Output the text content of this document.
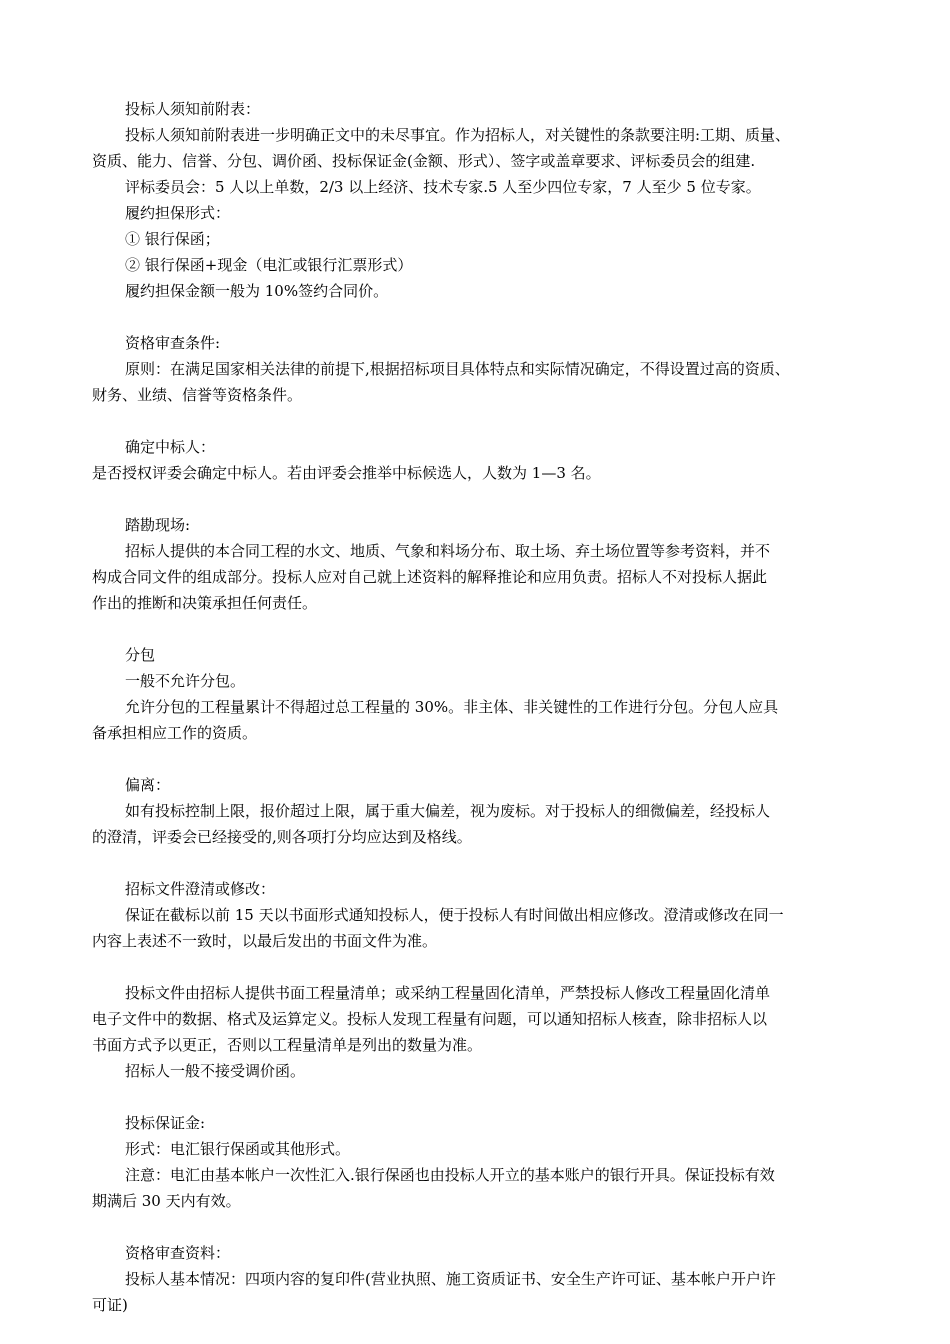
投标人须知前附表：
投标人须知前附表进一步明确正文中的未尽事宜。作为招标人，对关键性的条款要注明:工期、质量、
资质、能力、信誉、分包、调价函、投标保证金(金额、形式）、签字或盖章要求、评标委员会的组建.
评标委员会：5 人以上单数，2/3 以上经济、技术专家.5 人至少四位专家，7 人至少 5 位专家。
履约担保形式：
① 银行保函；
② 银行保函+现金（电汇或银行汇票形式）
履约担保金额一般为 10%签约合同价。
资格审查条件:
原则：在满足国家相关法律的前提下,根据招标项目具体特点和实际情况确定，不得设置过高的资质、
财务、业绩、信誉等资格条件。
确定中标人：
是否授权评委会确定中标人。若由评委会推举中标候选人，人数为 1—3 名。
踏勘现场:
招标人提供的本合同工程的水文、地质、气象和料场分布、取土场、弃土场位置等参考资料，并不
构成合同文件的组成部分。投标人应对自己就上述资料的解释推论和应用负责。招标人不对投标人据此
作出的推断和决策承担任何责任。
分包
一般不允许分包。
允许分包的工程量累计不得超过总工程量的 30%。非主体、非关键性的工作进行分包。分包人应具
备承担相应工作的资质。
偏离：
如有投标控制上限，报价超过上限，属于重大偏差，视为废标。对于投标人的细微偏差，经投标人
的澄清，评委会已经接受的,则各项打分均应达到及格线。
招标文件澄清或修改：
保证在截标以前 15 天以书面形式通知投标人，便于投标人有时间做出相应修改。澄清或修改在同一
内容上表述不一致时，以最后发出的书面文件为准。
投标文件由招标人提供书面工程量清单；或采纳工程量固化清单，严禁投标人修改工程量固化清单
电子文件中的数据、格式及运算定义。投标人发现工程量有问题，可以通知招标人核查，除非招标人以
书面方式予以更正，否则以工程量清单是列出的数量为准。
招标人一般不接受调价函。
投标保证金:
形式：电汇银行保函或其他形式。
注意：电汇由基本帐户一次性汇入.银行保函也由投标人开立的基本账户的银行开具。保证投标有效
期满后 30 天内有效。
资格审查资料：
投标人基本情况：四项内容的复印件(营业执照、施工资质证书、安全生产许可证、基本帐户开户许
可证)
